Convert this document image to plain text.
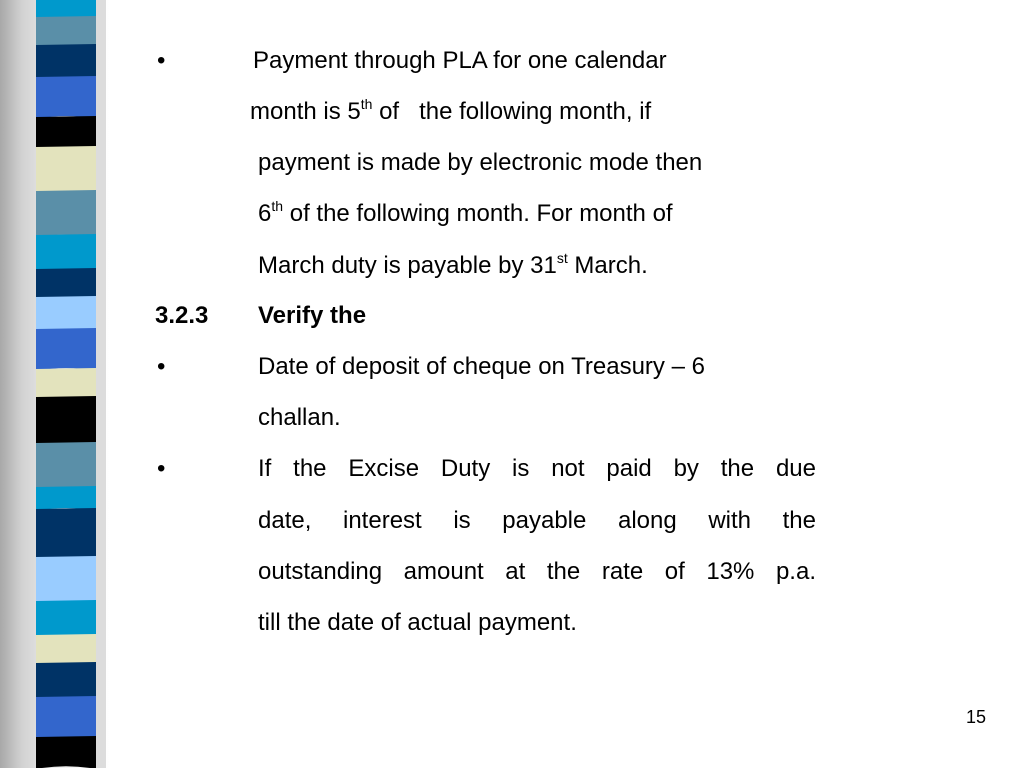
•	Payment through PLA for one calendar
month is 5th of the following month, if
payment is made by electronic mode then
6th of the following month. For month of
March duty is payable by 31st March.
3.2.3 Verify the
•	Date of deposit of cheque on Treasury – 6
challan.
•	If the Excise Duty is not paid by the due
date, interest is payable along with the
outstanding amount at the rate of 13% p.a.
till the date of actual payment.
15
